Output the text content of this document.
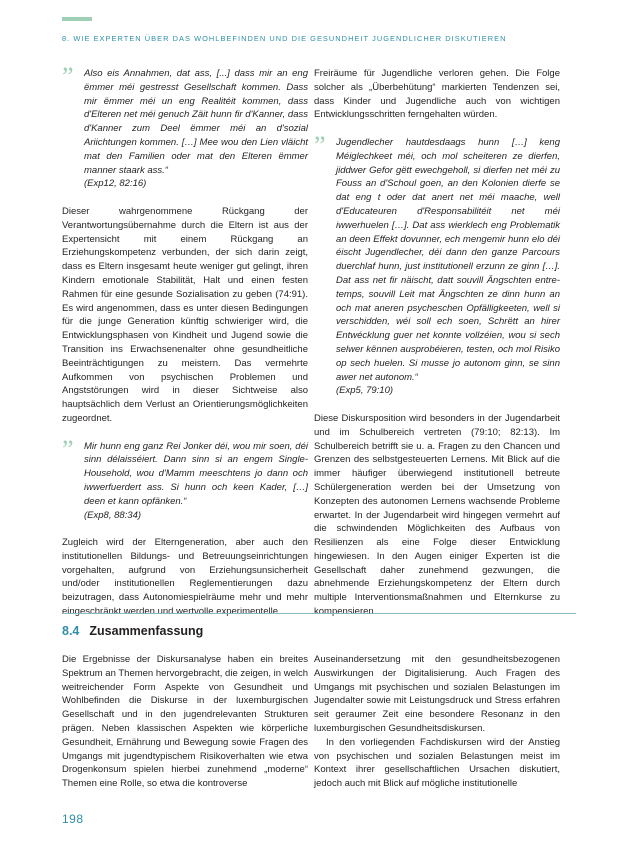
8. WIE EXPERTEN ÜBER DAS WOHLBEFINDEN UND DIE GESUNDHEIT JUGENDLICHER DISKUTIEREN
” Also eis Annahmen, dat ass, [...] dass mir an eng ëmmer méi gestresst Gesellschaft kommen. Dass mir ëmmer méi un eng Realitéit kommen, dass d'Elteren net méi genuch Zäit hunn fir d'Kanner, dass d'Kanner zum Deel ëmmer méi an d'sozial Ariichtungen kommen. […] Mee wou den Lien vläicht mat den Familien oder mat den Elteren ëmmer manner staark ass.“

(Exp12, 82:16)

Dieser wahrgenommene Rückgang der Verantwortungsübernahme durch die Eltern ist aus der Expertensicht mit einem Rückgang an Erziehungskompetenz verbunden, der sich darin zeigt, dass es Eltern insgesamt heute weniger gut gelingt, ihren Kindern emotionale Stabilität, Halt und einen festen Rahmen für eine gesunde Sozialisation zu geben (74:91). Es wird angenommen, dass es unter diesen Bedingungen für die junge Generation künftig schwieriger wird, die Entwicklungsphasen von Kindheit und Jugend sowie die Transition ins Erwachsenenalter ohne gesundheitliche Beeinträchtigungen zu meistern. Das vermehrte Aufkommen von psychischen Problemen und Angststörungen wird in dieser Sichtweise also hauptsächlich dem Verlust an Orientierungsmöglichkeiten zugeordnet.

” Mir hunn eng ganz Rei Jonker déi, wou mir soen, déi sinn délaisséiert. Dann sinn si an engem Single-Household, wou d'Mamm meeschtens jo dann och iwwerfuerdert ass. Si hunn och keen Kader, […] deen et kann opfänken.“

(Exp8, 88:34)

Zugleich wird der Elterngeneration, aber auch den institutionellen Bildungs- und Betreuungseinrichtungen vorgehalten, aufgrund von Erziehungsunsicherheit und/oder institutionellen Reglementierungen dazu beizutragen, dass Autonomiespielräume mehr und mehr eingeschränkt werden und wertvolle experimentelle

Freiräume für Jugendliche verloren gehen. Die Folge solcher als „Überbehütung“ markierten Tendenzen sei, dass Kinder und Jugendliche auch von wichtigen Entwicklungsschritten ferngehalten würden.

” Jugendlecher hautdesdaags hunn […] keng Méiglechkeet méi, och mol scheiteren ze dierfen, jiddwer Gefor gëtt ewechgeholl, si dierfen net méi zu Fouss an d'Schoul goen, an den Kolonien dierfe se dat eng t oder dat anert net méi maache, well d'Educateuren d'Responsabilitéit net méi iwwerhuelen […]. Dat ass wierklech eng Problematik an deen Effekt dovunner, ech mengemir hunn elo déi éischt Jugendlecher, déi dann den ganze Parcours duerchlaf hunn, just institutionell erzunn ze ginn […]. Dat ass net fir näischt, datt souvill Ängschten entre-temps, souvill Leit mat Ängschten ze dinn hunn an och mat aneren psycheschen Opfälligkeeten, well si verschidden, wéi soll ech soen, Schrëtt an hirer Entwécklung guer net konnte vollzéien, wou si sech selwer kënnen ausprobéieren, testen, och mol Risiko op sech huelen. Si musse jo autonom ginn, se sinn awer net autonom.“

(Exp5, 79:10)

Diese Diskursposition wird besonders in der Jugendarbeit und im Schulbereich vertreten (79:10; 82:13). Im Schulbereich betrifft sie u. a. Fragen zu den Chancen und Grenzen des selbstgesteuerten Lernens. Mit Blick auf die immer häufiger überwiegend institutionell betreute Schülergeneration werden bei der Umsetzung von Konzepten des autonomen Lernens wachsende Probleme erwartet. In der Jugendarbeit wird hingegen vermehrt auf die schwindenden Möglichkeiten des Aufbaus von Resilienzen als eine Folge dieser Entwicklung hingewiesen. In den Augen einiger Experten ist die Gesellschaft daher zunehmend gezwungen, die abnehmende Erziehungskompetenz der Eltern durch multiple Interventionsmaßnahmen und Elternkurse zu kompensieren.

8.4 Zusammenfassung

Die Ergebnisse der Diskursanalyse haben ein breites Spektrum an Themen hervorgebracht, die zeigen, in welch weitreichender Form Aspekte von Gesundheit und Wohlbefinden die Diskurse in der luxemburgischen Gesellschaft und in den jugendrelevanten Strukturen prägen. Neben klassischen Aspekten wie körperliche Gesundheit, Ernährung und Bewegung sowie Fragen des Umgangs mit jugendtypischem Risikoverhalten wie etwa Drogenkonsum spielen hierbei zunehmend „moderne“ Themen eine Rolle, so etwa die kontroverse

Auseinandersetzung mit den gesundheitsbezogenen Auswirkungen der Digitalisierung. Auch Fragen des Umgangs mit psychischen und sozialen Belastungen im Jugendalter sowie mit Leistungsdruck und Stress erfahren seit geraumer Zeit eine besondere Resonanz in den luxemburgischen Gesundheitsdiskursen.

In den vorliegenden Fachdiskursen wird der Anstieg von psychischen und sozialen Belastungen meist im Kontext ihrer gesellschaftlichen Ursachen diskutiert, jedoch auch mit Blick auf mögliche institutionelle

198
